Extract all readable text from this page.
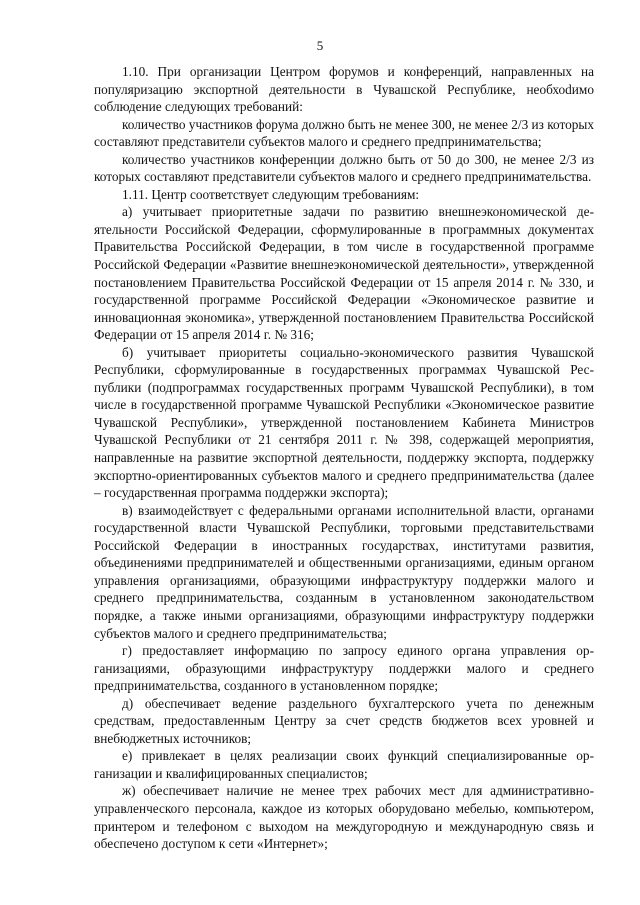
5

1.10. При организации Центром форумов и конференций, направленных на популяризацию экспортной деятельности в Чувашской Республике, необхоdимо соблюдение следующих требований:

количество участников форума должно быть не менее 300, не менее 2/3 из которых составляют представители субъектов малого и среднего предпринимательства;

количество участников конференции должно быть от 50 до 300, не менее 2/3 из которых составляют представители субъектов малого и среднего предпринимательства.

1.11. Центр соответствует следующим требованиям:

а) учитывает приоритетные задачи по развитию внешнеэкономической деятельности Российской Федерации, сформулированные в программных документах Правительства Российской Федерации, в том числе в государственной программе Российской Федерации «Развитие внешнеэкономической деятельности», утвержденной постановлением Правительства Российской Федерации от 15 апреля 2014 г. № 330, и государственной программе Российской Федерации «Экономическое развитие и инновационная экономика», утвержденной постановлением Правительства Российской Федерации от 15 апреля 2014 г. № 316;

б) учитывает приоритеты социально-экономического развития Чувашской Республики, сформулированные в государственных программах Чувашской Республики (подпрограммах государственных программ Чувашской Республики), в том числе в государственной программе Чувашской Республики «Экономическое развитие Чувашской Республики», утвержденной постановлением Кабинета Министров Чувашской Республики от 21 сентября 2011 г. № 398, содержащей мероприятия, направленные на развитие экспортной деятельности, поддержку экспорта, поддержку экспортно-ориентированных субъектов малого и среднего предпринимательства (далее – государственная программа поддержки экспорта);

в) взаимодействует с федеральными органами исполнительной власти, органами государственной власти Чувашской Республики, торговыми представительствами Российской Федерации в иностранных государствах, институтами развития, объединениями предпринимателей и общественными организациями, единым органом управления организациями, образующими инфраструктуру поддержки малого и среднего предпринимательства, созданным в установленном законодательством порядке, а также иными организациями, образующими инфраструктуру поддержки субъектов малого и среднего предпринимательства;

г) предоставляет информацию по запросу единого органа управления организациями, образующими инфраструктуру поддержки малого и среднего предпринимательства, созданного в установленном порядке;

д) обеспечивает ведение раздельного бухгалтерского учета по денежным средствам, предоставленным Центру за счет средств бюджетов всех уровней и внебюджетных источников;

е) привлекает в целях реализации своих функций специализированные организации и квалифицированных специалистов;

ж) обеспечивает наличие не менее трех рабочих мест для административно-управленческого персонала, каждое из которых оборудовано мебелью, компьютером, принтером и телефоном с выходом на междугородную и международную связь и обеспечено доступом к сети «Интернет»;
